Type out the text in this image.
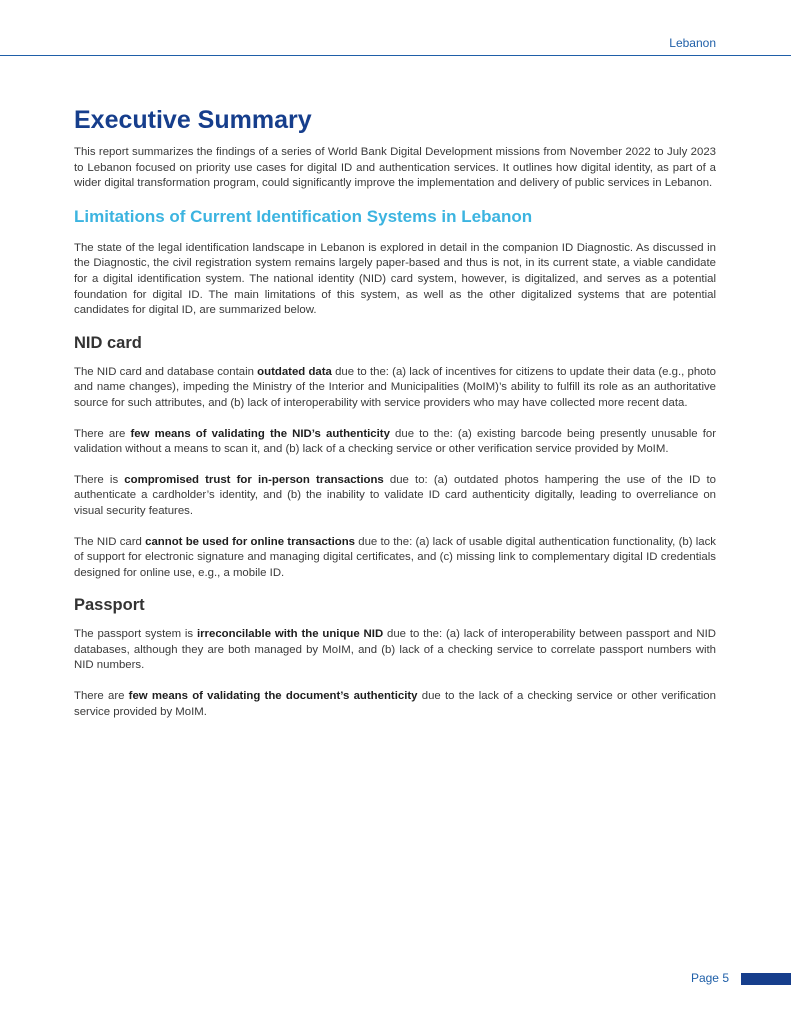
Lebanon
Executive Summary

This report summarizes the findings of a series of World Bank Digital Development missions from November 2022 to July 2023 to Lebanon focused on priority use cases for digital ID and authentication services. It outlines how digital identity, as part of a wider digital transformation program, could significantly improve the implementation and delivery of public services in Lebanon.

Limitations of Current Identification Systems in Lebanon

The state of the legal identification landscape in Lebanon is explored in detail in the companion ID Diagnostic. As discussed in the Diagnostic, the civil registration system remains largely paper-based and thus is not, in its current state, a viable candidate for a digital identification system. The national identity (NID) card system, however, is digitalized, and serves as a potential foundation for digital ID. The main limitations of this system, as well as the other digitalized systems that are potential candidates for digital ID, are summarized below.

NID card

The NID card and database contain outdated data due to the: (a) lack of incentives for citizens to update their data (e.g., photo and name changes), impeding the Ministry of the Interior and Municipalities (MoIM)’s ability to fulfill its role as an authoritative source for such attributes, and (b) lack of interoperability with service providers who may have collected more recent data.

There are few means of validating the NID’s authenticity due to the: (a) existing barcode being presently unusable for validation without a means to scan it, and (b) lack of a checking service or other verification service provided by MoIM.

There is compromised trust for in-person transactions due to: (a) outdated photos hampering the use of the ID to authenticate a cardholder’s identity, and (b) the inability to validate ID card authenticity digitally, leading to overreliance on visual security features.

The NID card cannot be used for online transactions due to the: (a) lack of usable digital authentication functionality, (b) lack of support for electronic signature and managing digital certificates, and (c) missing link to complementary digital ID credentials designed for online use, e.g., a mobile ID.

Passport

The passport system is irreconcilable with the unique NID due to the: (a) lack of interoperability between passport and NID databases, although they are both managed by MoIM, and (b) lack of a checking service to correlate passport numbers with NID numbers.

There are few means of validating the document’s authenticity due to the lack of a checking service or other verification service provided by MoIM.

Page 5
